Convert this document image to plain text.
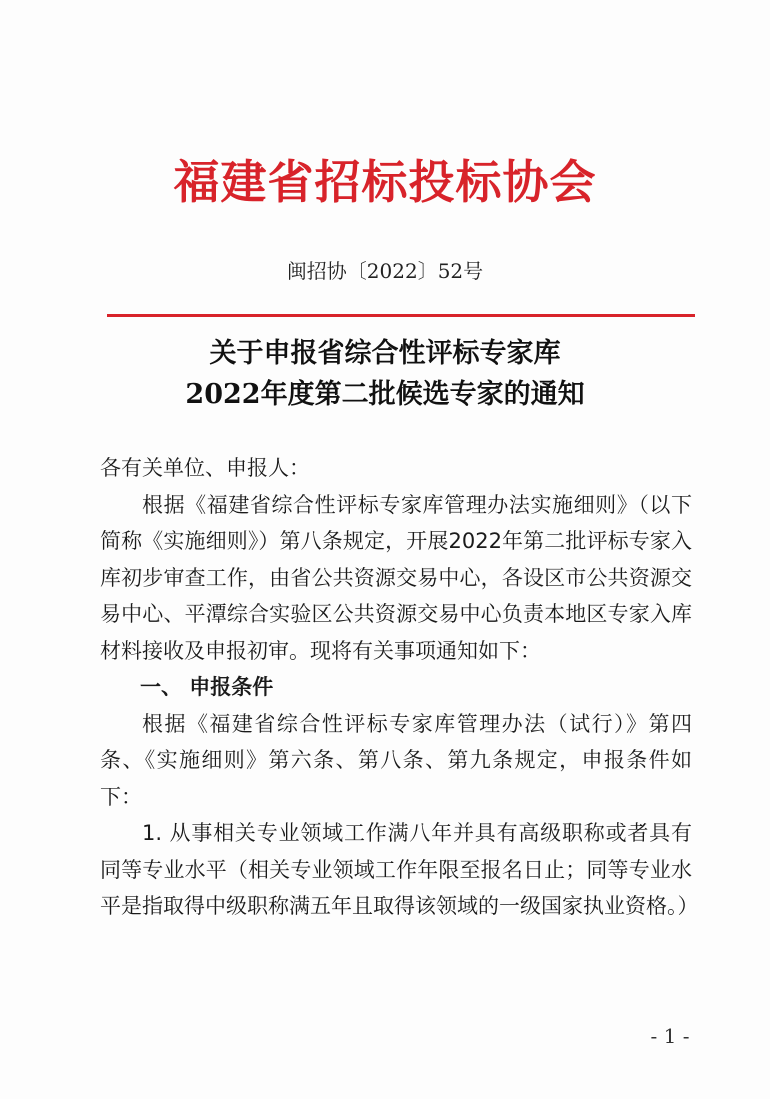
福建省招标投标协会
闽招协〔2022〕52号
关于申报省综合性评标专家库
2022年度第二批候选专家的通知

各有关单位、申报人：

根据《福建省综合性评标专家库管理办法实施细则》（以下简称《实施细则》）第八条规定，开展2022年第二批评标专家入库初步审查工作，由省公共资源交易中心，各设区市公共资源交易中心、平潭综合实验区公共资源交易中心负责本地区专家入库材料接收及申报初审。现将有关事项通知如下：

一、 申报条件

根据《福建省综合性评标专家库管理办法（试行）》第四条、《实施细则》第六条、第八条、第九条规定，申报条件如下：

1. 从事相关专业领域工作满八年并具有高级职称或者具有同等专业水平（相关专业领域工作年限至报名日止；同等专业水平是指取得中级职称满五年且取得该领域的一级国家执业资格。）

- 1 -
